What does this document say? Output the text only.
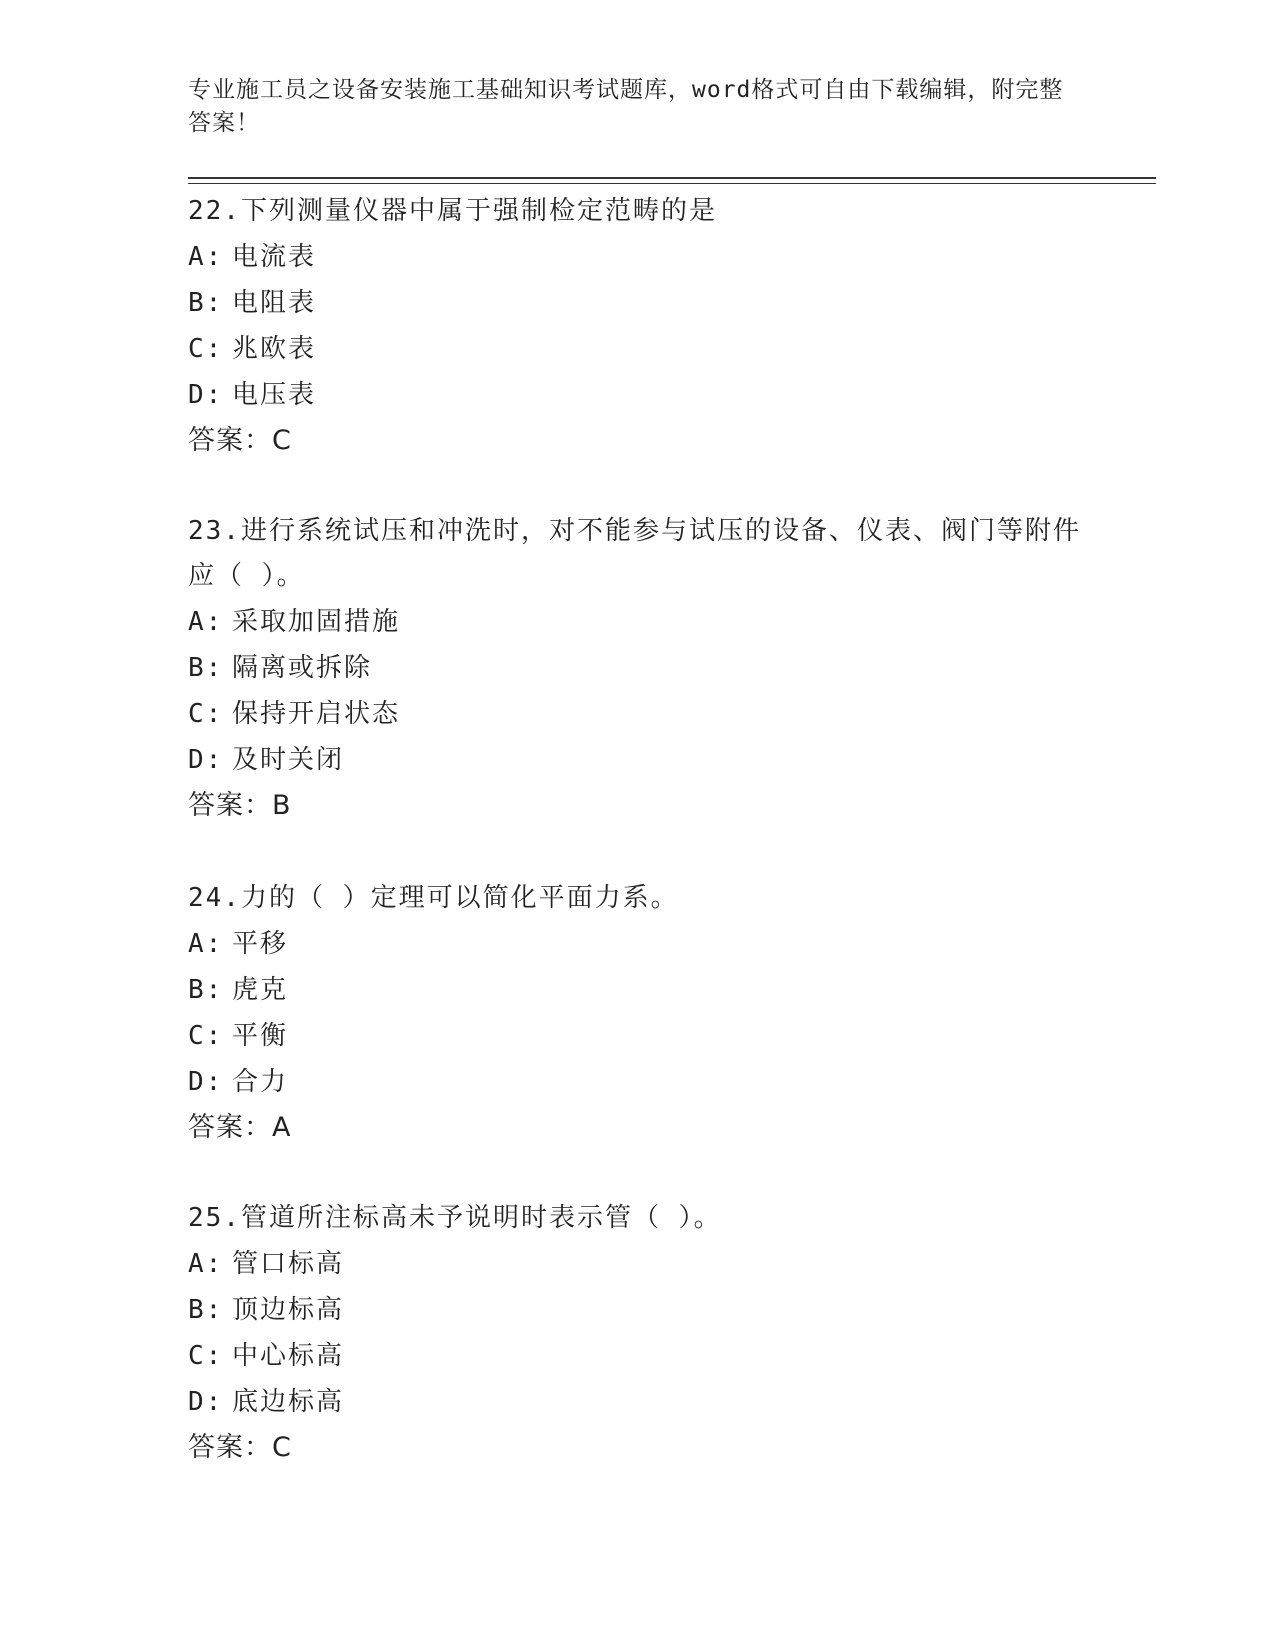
专业施工员之设备安装施工基础知识考试题库，word格式可自由下载编辑，附完整答案！
22.下列测量仪器中属于强制检定范畴的是
A: 电流表
B: 电阻表
C: 兆欧表
D: 电压表
答案：C
23.进行系统试压和冲洗时，对不能参与试压的设备、仪表、阀门等附件应（ ）。
A: 采取加固措施
B: 隔离或拆除
C: 保持开启状态
D: 及时关闭
答案：B
24.力的（ ）定理可以简化平面力系。
A: 平移
B: 虎克
C: 平衡
D: 合力
答案：A
25.管道所注标高未予说明时表示管（ ）。
A: 管口标高
B: 顶边标高
C: 中心标高
D: 底边标高
答案：C
